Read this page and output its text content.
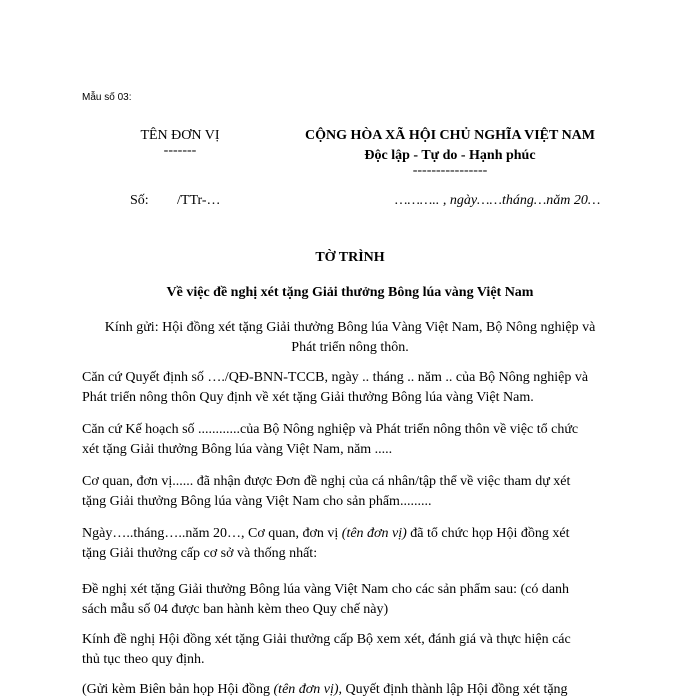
Mẫu số 03:
TÊN ĐƠN VỊ
-------
CỘNG HÒA XÃ HỘI CHỦ NGHĨA VIỆT NAM
Độc lập - Tự do - Hạnh phúc
----------------
Số: /TTr-…	……….. , ngày……tháng…năm 20…
TỜ TRÌNH
Về việc đề nghị xét tặng Giải thưởng Bông lúa vàng Việt Nam
Kính gửi: Hội đồng xét tặng Giải thưởng Bông lúa Vàng Việt Nam, Bộ Nông nghiệp và
Phát triển nông thôn.
Căn cứ Quyết định số …./QĐ-BNN-TCCB, ngày .. tháng .. năm .. của Bộ Nông nghiệp và
Phát triển nông thôn Quy định về xét tặng Giải thưởng Bông lúa vàng Việt Nam.
Căn cứ Kế hoạch số ............của Bộ Nông nghiệp và Phát triển nông thôn về việc tổ chức
xét tặng Giải thưởng Bông lúa vàng Việt Nam, năm .....
Cơ quan, đơn vị...... đã nhận được Đơn đề nghị của cá nhân/tập thể về việc tham dự xét
tặng Giải thưởng Bông lúa vàng Việt Nam cho sản phẩm.........
Ngày…..tháng…..năm 20…, Cơ quan, đơn vị (tên đơn vị) đã tổ chức họp Hội đồng xét
tặng Giải thưởng cấp cơ sở và thống nhất:
Đề nghị xét tặng Giải thưởng Bông lúa vàng Việt Nam cho các sản phẩm sau: (có danh
sách mẫu số 04 được ban hành kèm theo Quy chế này)
Kính đề nghị Hội đồng xét tặng Giải thưởng cấp Bộ xem xét, đánh giá và thực hiện các
thủ tục theo quy định.
(Gửi kèm Biên bản họp Hội đồng (tên đơn vị), Quyết định thành lập Hội đồng xét tặng
